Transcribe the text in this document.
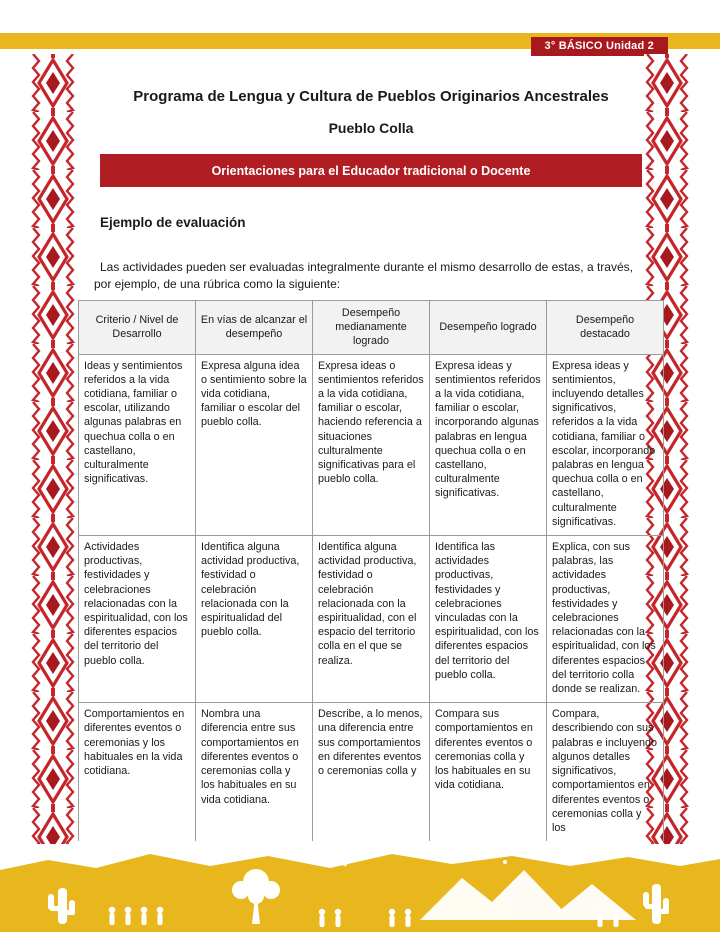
3° BÁSICO Unidad 2
Programa de Lengua y Cultura de Pueblos Originarios Ancestrales
Pueblo Colla
Orientaciones para el Educador tradicional o Docente
Ejemplo de evaluación

Las actividades pueden ser evaluadas integralmente durante el mismo desarrollo de estas, a través, por ejemplo, de una rúbrica como la siguiente:

Criterio / Nivel de Desarrollo	En vías de alcanzar el desempeño	Desempeño medianamente logrado	Desempeño logrado	Desempeño destacado
Ideas y sentimientos referidos a la vida cotidiana, familiar o escolar, utilizando algunas palabras en quechua colla o en castellano, culturalmente significativas.	Expresa alguna idea o sentimiento sobre la vida cotidiana, familiar o escolar del pueblo colla.	Expresa ideas o sentimientos referidos a la vida cotidiana, familiar o escolar, haciendo referencia a situaciones culturalmente significativas para el pueblo colla.	Expresa ideas y sentimientos referidos a la vida cotidiana, familiar o escolar, incorporando algunas palabras en lengua quechua colla o en castellano, culturalmente significativas.	Expresa ideas y sentimientos, incluyendo detalles significativos, referidos a la vida cotidiana, familiar o escolar, incorporando palabras en lengua quechua colla o en castellano, culturalmente significativas.
Actividades productivas, festividades y celebraciones relacionadas con la espiritualidad, con los diferentes espacios del territorio del pueblo colla.	Identifica alguna actividad productiva, festividad o celebración relacionada con la espiritualidad del pueblo colla.	Identifica alguna actividad productiva, festividad o celebración relacionada con la espiritualidad, con el espacio del territorio colla en el que se realiza.	Identifica las actividades productivas, festividades y celebraciones vinculadas con la espiritualidad, con los diferentes espacios del territorio del pueblo colla.	Explica, con sus palabras, las actividades productivas, festividades y celebraciones relacionadas con la espiritualidad, con los diferentes espacios del territorio colla donde se realizan.
Comportamientos en diferentes eventos o ceremonias y los habituales en la vida cotidiana.	Nombra una diferencia entre sus comportamientos en diferentes eventos o ceremonias colla y los habituales en su vida cotidiana.	Describe, a lo menos, una diferencia entre sus comportamientos en diferentes eventos o ceremonias colla y	Compara sus comportamientos en diferentes eventos o ceremonias colla y los habituales en su vida cotidiana.	Compara, describiendo con sus palabras e incluyendo algunos detalles significativos, comportamientos en diferentes eventos o ceremonias colla y los
